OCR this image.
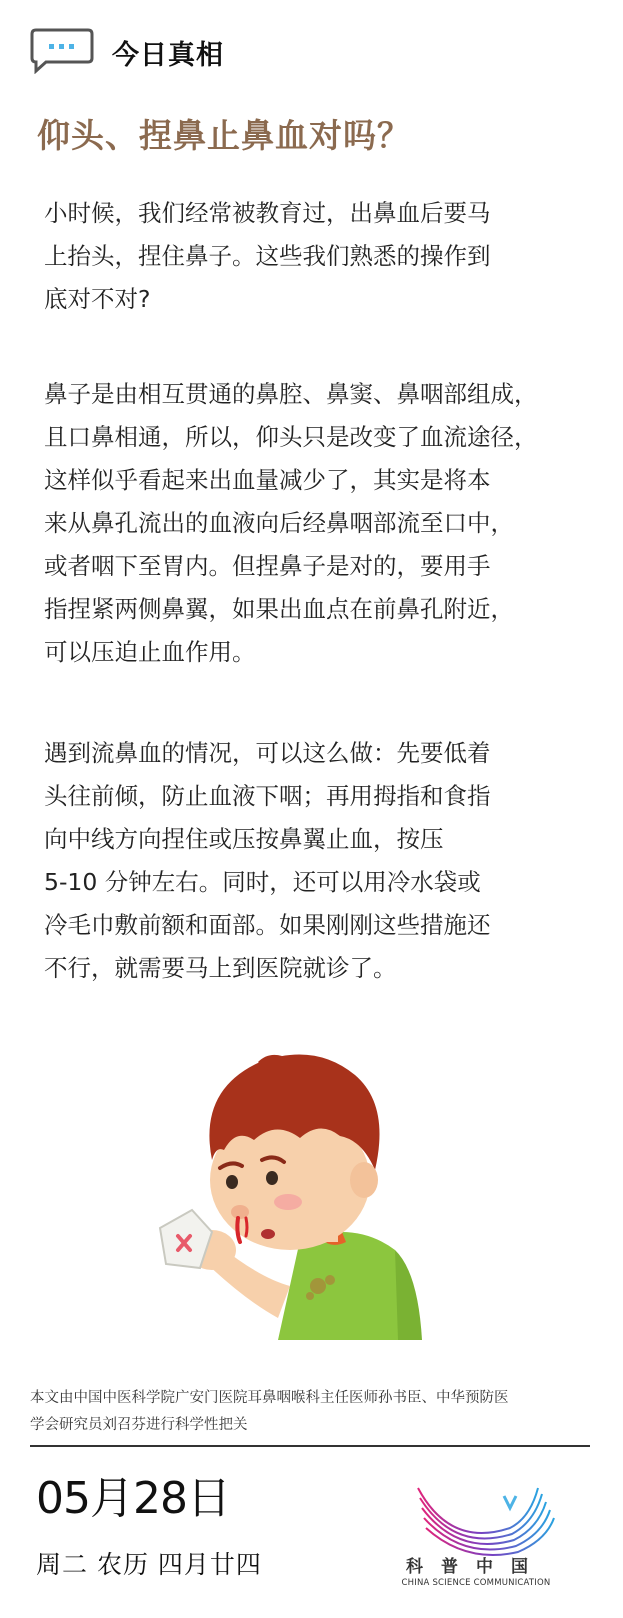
今日真相
仰头、捏鼻止鼻血对吗？
小时候，我们经常被教育过，出鼻血后要马
上抬头，捏住鼻子。这些我们熟悉的操作到
底对不对?
鼻子是由相互贯通的鼻腔、鼻窦、鼻咽部组成，
且口鼻相通，所以，仰头只是改变了血流途径，
这样似乎看起来出血量减少了，其实是将本
来从鼻孔流出的血液向后经鼻咽部流至口中，
或者咽下至胃内。但捏鼻子是对的，要用手
指捏紧两侧鼻翼，如果出血点在前鼻孔附近，
可以压迫止血作用。
遇到流鼻血的情况，可以这么做：先要低着
头往前倾，防止血液下咽；再用拇指和食指
向中线方向捏住或压按鼻翼止血，按压
5-10 分钟左右。同时，还可以用冷水袋或
冷毛巾敷前额和面部。如果刚刚这些措施还
不行，就需要马上到医院就诊了。
本文由中国中医科学院广安门医院耳鼻咽喉科主任医师孙书臣、中华预防医
学会研究员刘召芬进行科学性把关
05月28日
周二 农历 四月廿四	科普中国
CHINA SCIENCE COMMUNICATION
